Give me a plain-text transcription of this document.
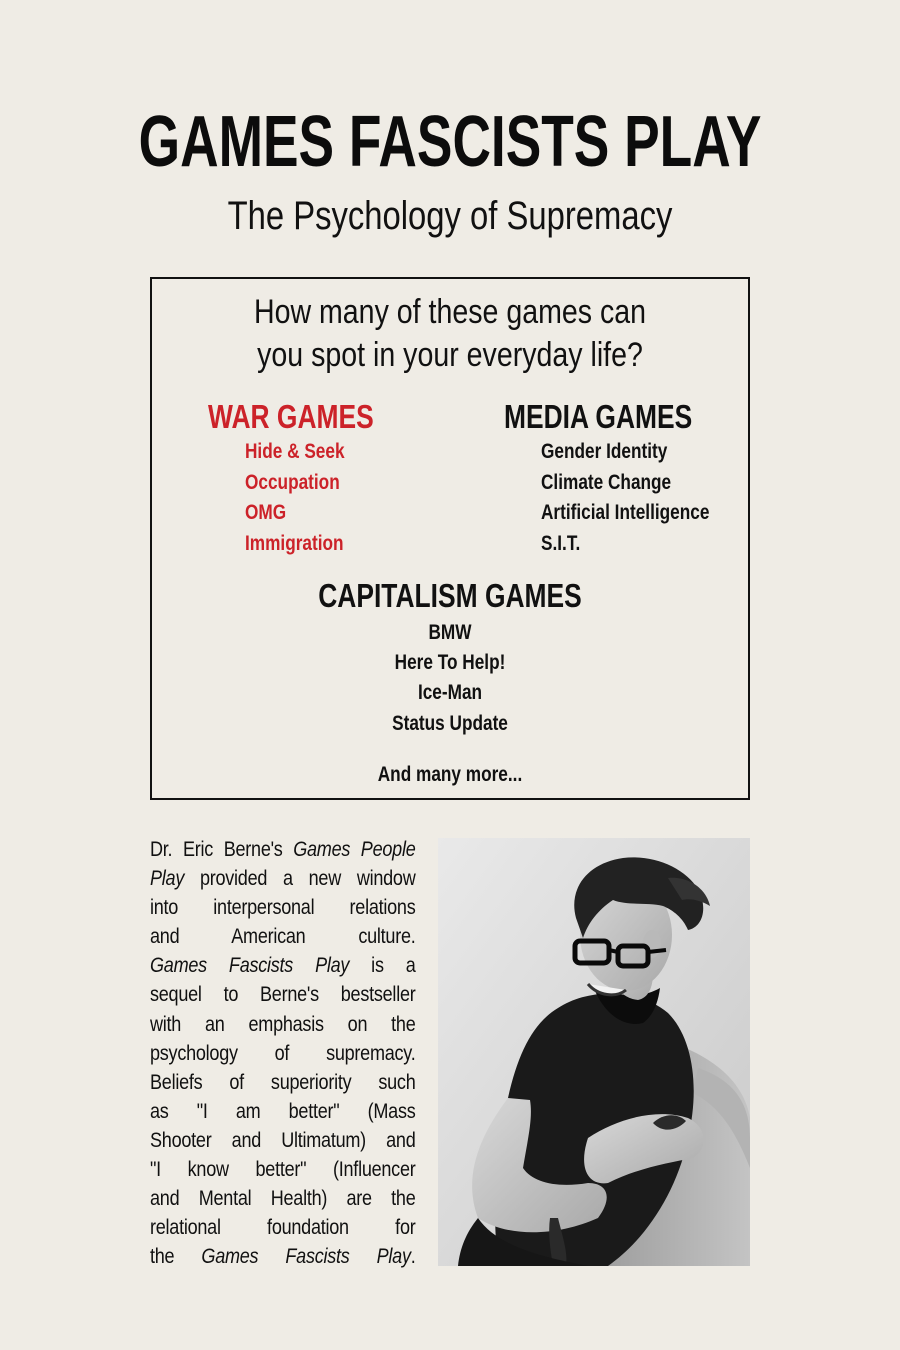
GAMES FASCISTS PLAY
The Psychology of Supremacy
How many of these games can
you spot in your everyday life?
WAR GAMES
Hide & Seek
Occupation
OMG
Immigration
MEDIA GAMES
Gender Identity
Climate Change
Artificial Intelligence
S.I.T.
CAPITALISM GAMES
BMW
Here To Help!
Ice-Man
Status Update
And many more...
Dr. Eric Berne's Games People
Play provided a new window
into interpersonal relations
and American culture.
Games Fascists Play is a
sequel to Berne's bestseller
with an emphasis on the
psychology of supremacy.
Beliefs of superiority such
as "I am better" (Mass
Shooter and Ultimatum) and
"I know better" (Influencer
and Mental Health) are the
relational foundation for
the Games Fascists Play.
